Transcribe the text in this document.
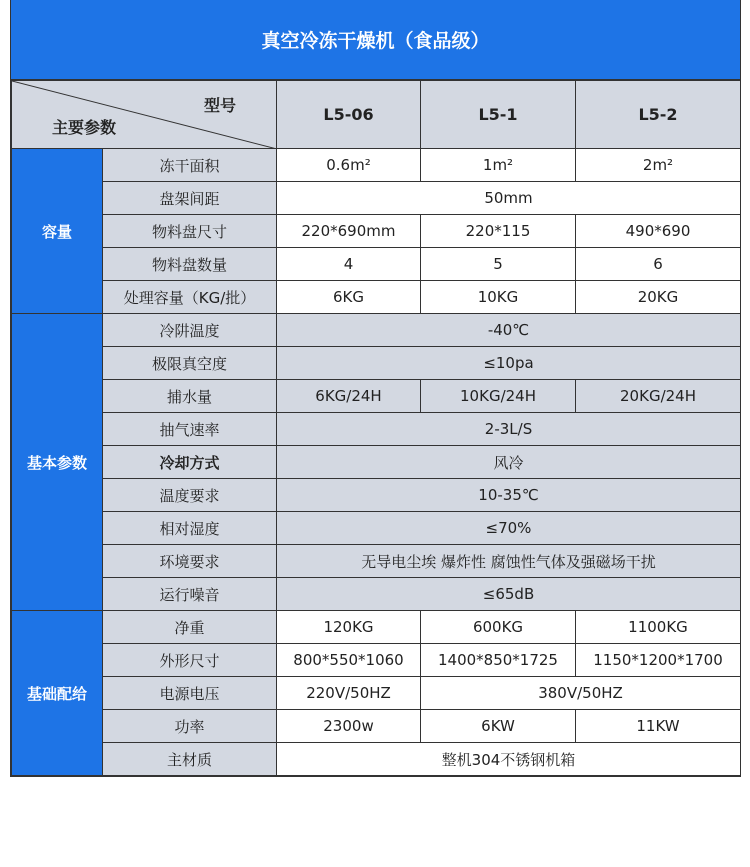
真空冷冻干燥机（食品级）
型号
主要参数		L5-06	L5-1	L5-2
容量	冻干面积	0.6m²	1m²	2m²
	盘架间距	50mm		
	物料盘尺寸	220*690mm	220*115	490*690
	物料盘数量	4	5	6
	处理容量（KG/批）	6KG	10KG	20KG
基本参数	冷阱温度	-40℃		
	极限真空度	≤10pa		
	捕水量	6KG/24H	10KG/24H	20KG/24H
	抽气速率	2-3L/S		
	冷却方式	风冷		
	温度要求	10-35℃		
	相对湿度	≤70%		
	环境要求	无导电尘埃 爆炸性 腐蚀性气体及强磁场干扰		
	运行噪音	≤65dB		
基础配给	净重	120KG	600KG	1100KG
	外形尺寸	800*550*1060	1400*850*1725	1150*1200*1700
	电源电压	220V/50HZ	380V/50HZ	
	功率	2300w	6KW	11KW
	主材质	整机304不锈钢机箱		
